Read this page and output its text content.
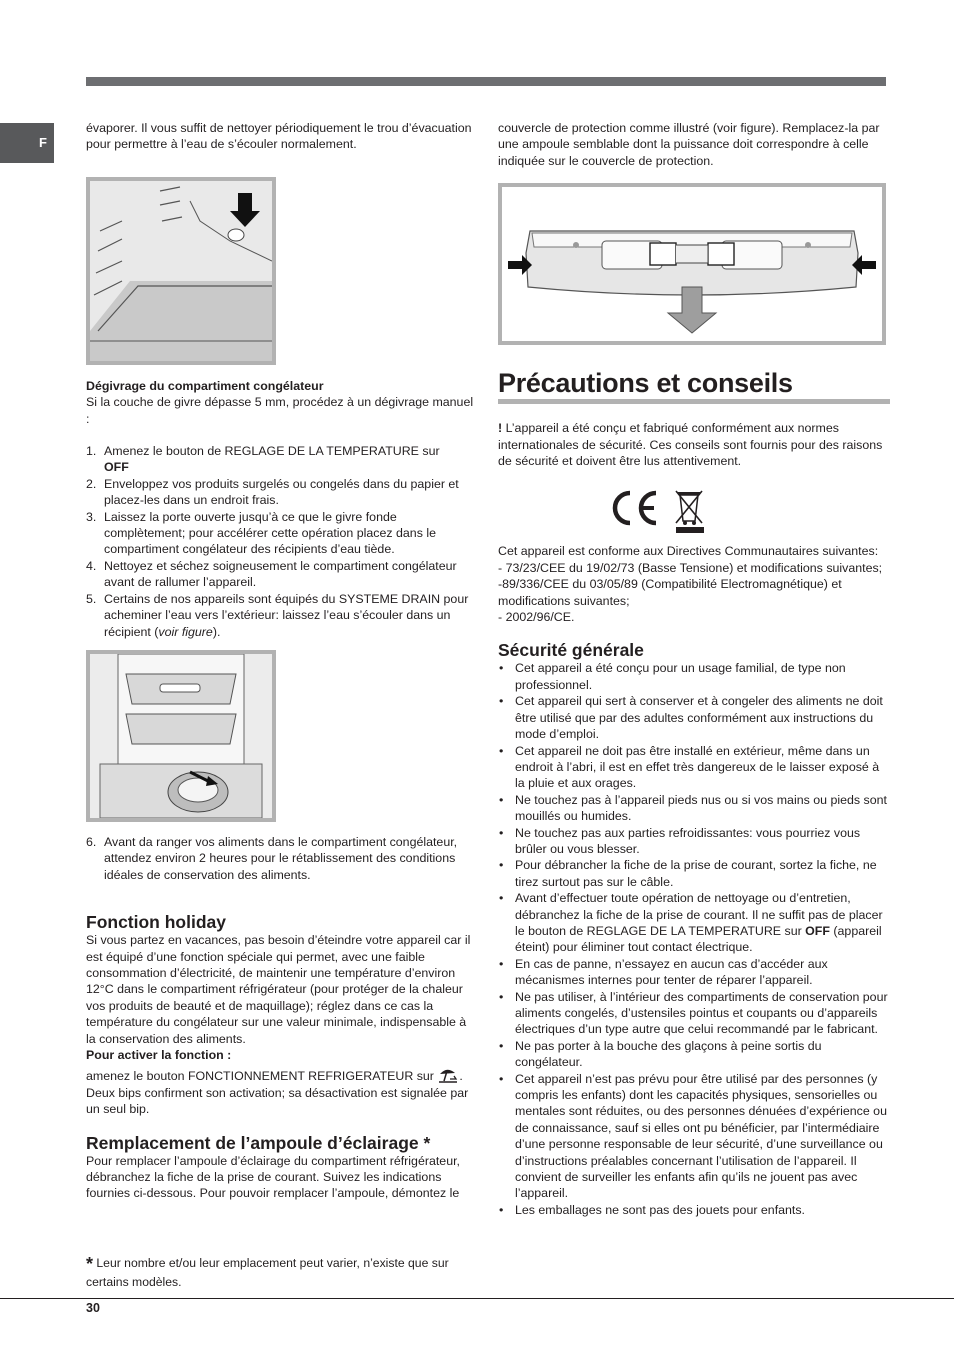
F

évaporer. Il vous suffit de nettoyer périodiquement le trou d’évacuation pour permettre à l’eau de s’écouler normalement.

Dégivrage du compartiment congélateur

Si la couche de givre dépasse 5 mm, procédez à un dégivrage manuel :

1. Amenez le bouton de REGLAGE DE LA TEMPERATURE sur
OFF
2. Enveloppez vos produits surgelés ou congelés dans du papier et placez-les dans un endroit frais.
3. Laissez la porte ouverte jusqu’à ce que le givre fonde complètement; pour accélérer cette opération placez dans le compartiment congélateur des récipients d’eau tiède.
4. Nettoyez et séchez soigneusement le compartiment congélateur avant de rallumer l’appareil.
5. Certains de nos appareils sont équipés du SYSTEME DRAIN pour acheminer l’eau vers l’extérieur: laissez l’eau s’écouler dans un récipient (voir figure).
6. Avant da ranger vos aliments dans le compartiment congélateur, attendez environ 2 heures pour le rétablissement des conditions idéales de conservation des aliments.
Fonction holiday

Si vous partez en vacances, pas besoin d’éteindre votre appareil car il est équipé d’une fonction spéciale qui permet, avec une faible consommation d’électricité, de maintenir une température d’environ 12°C dans le compartiment réfrigérateur (pour protéger de la chaleur vos produits de beauté et de maquillage); réglez dans ce cas la température du congélateur sur une valeur minimale, indispensable à la conservation des aliments.

Pour activer la fonction :

amenez le bouton FONCTIONNEMENT REFRIGERATEUR sur . Deux bips confirment son activation; sa désactivation est signalée par un seul bip.

Remplacement de l’ampoule d’éclairage *

Pour remplacer l’ampoule d’éclairage du compartiment réfrigérateur, débranchez la fiche de la prise de courant. Suivez les indications fournies ci-dessous. Pour pouvoir remplacer l’ampoule, démontez le

* Leur nombre et/ou leur emplacement peut varier, n’existe que sur certains modèles.

couvercle de protection comme illustré (voir figure). Remplacez-la par une ampoule semblable dont la puissance doit correspondre à celle indiquée sur le couvercle de protection.

Précautions et conseils

! L’appareil a été conçu et fabriqué conformément aux normes internationales de sécurité. Ces conseils sont fournis pour des raisons de sécurité et doivent être lus attentivement.

Cet appareil est conforme aux Directives Communautaires suivantes:

- 73/23/CEE du 19/02/73 (Basse Tensione) et modifications suivantes;

-89/336/CEE du 03/05/89 (Compatibilité Electromagnétique) et modifications suivantes;

- 2002/96/CE.

Sécurité générale
• Cet appareil a été conçu pour un usage familial, de type non professionnel.
• Cet appareil qui sert à conserver et à congeler des aliments ne doit être utilisé que par des adultes conformément aux instructions du mode d’emploi.
• Cet appareil ne doit pas être installé en extérieur, même dans un endroit à l’abri, il est en effet très dangereux de le laisser exposé à la pluie et aux orages.
• Ne touchez pas à l’appareil pieds nus ou si vos mains ou pieds sont mouillés ou humides.
• Ne touchez pas aux parties refroidissantes: vous pourriez vous brûler ou vous blesser.
• Pour débrancher la fiche de la prise de courant, sortez la fiche, ne tirez surtout pas sur le câble.
• Avant d’effectuer toute opération de nettoyage ou d’entretien, débranchez la fiche de la prise de courant. Il ne suffit pas de placer le bouton de REGLAGE DE LA TEMPERATURE sur OFF (appareil éteint) pour éliminer tout contact électrique.
• En cas de panne, n’essayez en aucun cas d’accéder aux mécanismes internes pour tenter de réparer l’appareil.
• Ne pas utiliser, à l’intérieur des compartiments de conservation pour aliments congelés, d’ustensiles pointus et coupants ou d’appareils électriques d’un type autre que celui recommandé par le fabricant.
• Ne pas porter à la bouche des glaçons à peine sortis du congélateur.
• Cet appareil n’est pas prévu pour être utilisé par des personnes (y compris les enfants) dont les capacités physiques, sensorielles ou mentales sont réduites, ou des personnes dénuées d’expérience ou de connaissance, sauf si elles ont pu bénéficier, par l’intermédiaire d’une personne responsable de leur sécurité, d’une surveillance ou d’instructions préalables concernant l’utilisation de l’appareil. Il convient de surveiller les enfants afin qu’ils ne jouent pas avec l’appareil.
• Les emballages ne sont pas des jouets pour enfants.
30
